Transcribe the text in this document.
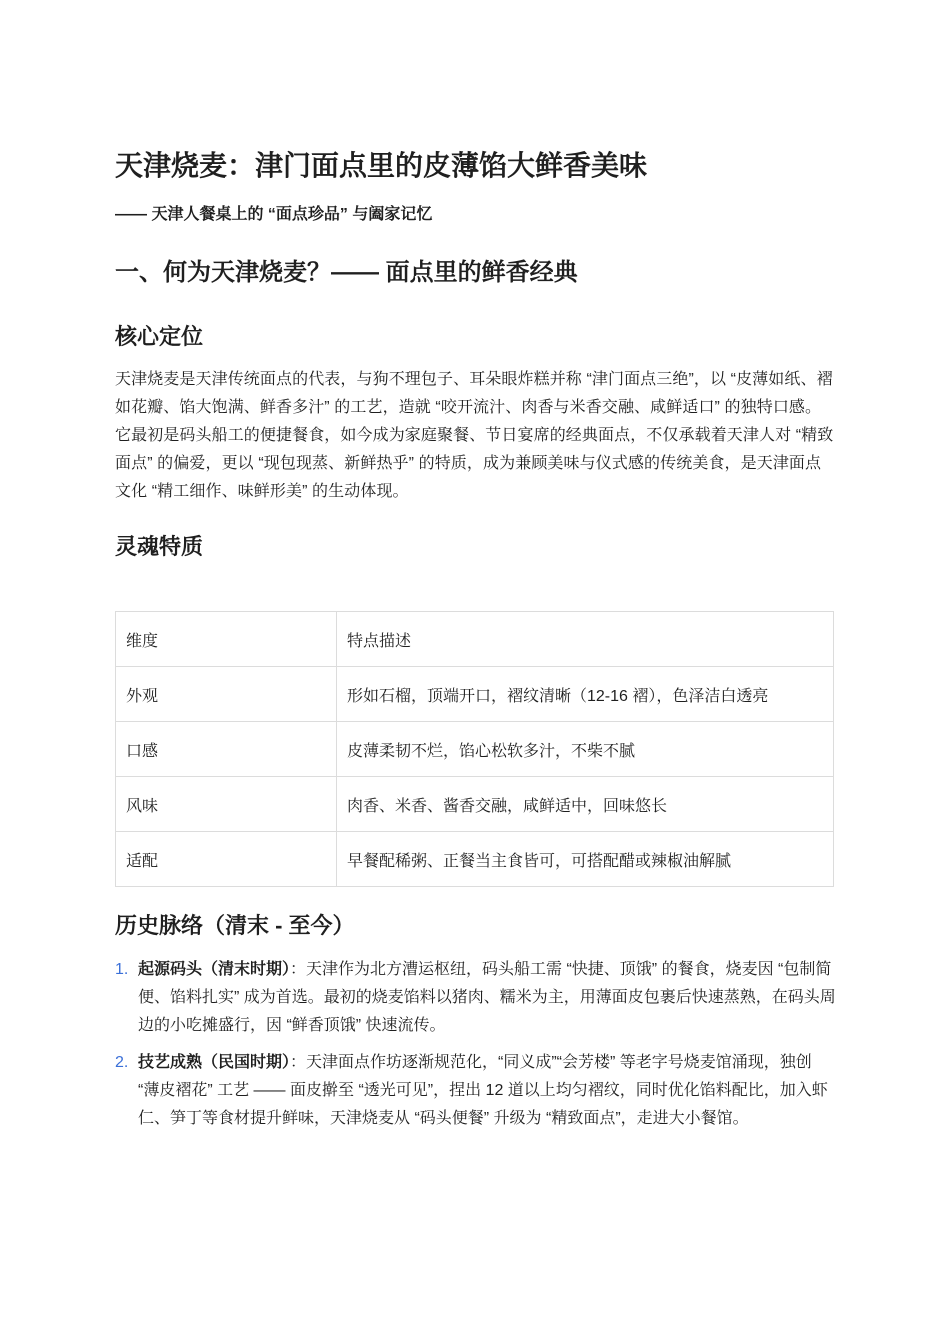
天津烧麦：津门面点里的皮薄馅大鲜香美味

—— 天津人餐桌上的 “面点珍品” 与阖家记忆

一、何为天津烧麦？—— 面点里的鲜香经典
核心定位

天津烧麦是天津传统面点的代表，与狗不理包子、耳朵眼炸糕并称 “津门面点三绝”，以 “皮薄如纸、褶如花瓣、馅大饱满、鲜香多汁” 的工艺，造就 “咬开流汁、肉香与米香交融、咸鲜适口” 的独特口感。它最初是码头船工的便捷餐食，如今成为家庭聚餐、节日宴席的经典面点，不仅承载着天津人对 “精致面点” 的偏爱，更以 “现包现蒸、新鲜热乎” 的特质，成为兼顾美味与仪式感的传统美食，是天津面点文化 “精工细作、味鲜形美” 的生动体现。

灵魂特质
维度	特点描述
外观	形如石榴，顶端开口，褶纹清晰（12-16 褶），色泽洁白透亮
口感	皮薄柔韧不烂，馅心松软多汁，不柴不腻
风味	肉香、米香、酱香交融，咸鲜适中，回味悠长
适配	早餐配稀粥、正餐当主食皆可，可搭配醋或辣椒油解腻
历史脉络（清末 - 至今）
1. 起源码头（清末时期）：天津作为北方漕运枢纽，码头船工需 “快捷、顶饿” 的餐食，烧麦因 “包制简便、馅料扎实” 成为首选。最初的烧麦馅料以猪肉、糯米为主，用薄面皮包裹后快速蒸熟，在码头周边的小吃摊盛行，因 “鲜香顶饿” 快速流传。
2. 技艺成熟（民国时期）：天津面点作坊逐渐规范化，“同义成”“会芳楼” 等老字号烧麦馆涌现，独创 “薄皮褶花” 工艺 —— 面皮擀至 “透光可见”，捏出 12 道以上均匀褶纹，同时优化馅料配比，加入虾仁、笋丁等食材提升鲜味，天津烧麦从 “码头便餐” 升级为 “精致面点”，走进大小餐馆。
